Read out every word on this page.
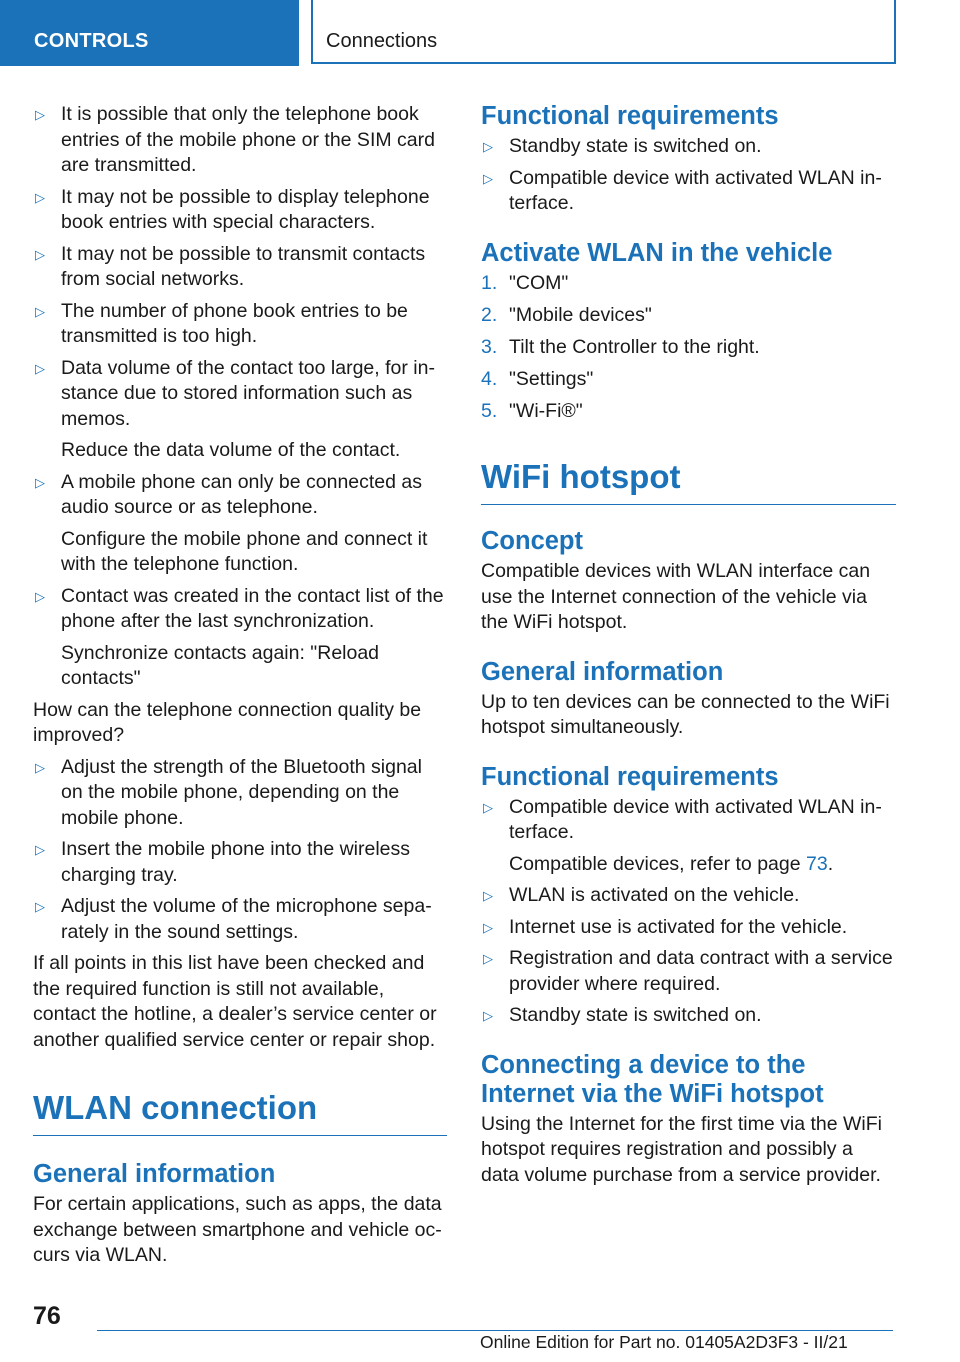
CONTROLS	Connections
▷ It is possible that only the telephone book entries of the mobile phone or the SIM card are transmitted.
▷ It may not be possible to display telephone book entries with special characters.
▷ It may not be possible to transmit contacts from social networks.
▷ The number of phone book entries to be transmitted is too high.
▷ Data volume of the contact too large, for instance due to stored information such as memos.
Reduce the data volume of the contact.
▷ A mobile phone can only be connected as audio source or as telephone.
Configure the mobile phone and connect it with the telephone function.
▷ Contact was created in the contact list of the phone after the last synchronization.
Synchronize contacts again: "Reload contacts"

How can the telephone connection quality be improved?

▷ Adjust the strength of the Bluetooth signal on the mobile phone, depending on the mobile phone.
▷ Insert the mobile phone into the wireless charging tray.
▷ Adjust the volume of the microphone separately in the sound settings.

If all points in this list have been checked and the required function is still not available, contact the hotline, a dealer’s service center or another qualified service center or repair shop.

WLAN connection
General information

For certain applications, such as apps, the data exchange between smartphone and vehicle occurs via WLAN.

Functional requirements
▷ Standby state is switched on.
▷ Compatible device with activated WLAN interface.
Activate WLAN in the vehicle
1. "COM"
2. "Mobile devices"
3. Tilt the Controller to the right.
4. "Settings"
5. "Wi-Fi®"
WiFi hotspot
Concept

Compatible devices with WLAN interface can use the Internet connection of the vehicle via the WiFi hotspot.

General information

Up to ten devices can be connected to the WiFi hotspot simultaneously.

Functional requirements
▷ Compatible device with activated WLAN interface.
Compatible devices, refer to page 73.
▷ WLAN is activated on the vehicle.
▷ Internet use is activated for the vehicle.
▷ Registration and data contract with a service provider where required.
▷ Standby state is switched on.
Connecting a device to the Internet via the WiFi hotspot

Using the Internet for the first time via the WiFi hotspot requires registration and possibly a data volume purchase from a service provider.

76
Online Edition for Part no. 01405A2D3F3 - II/21
